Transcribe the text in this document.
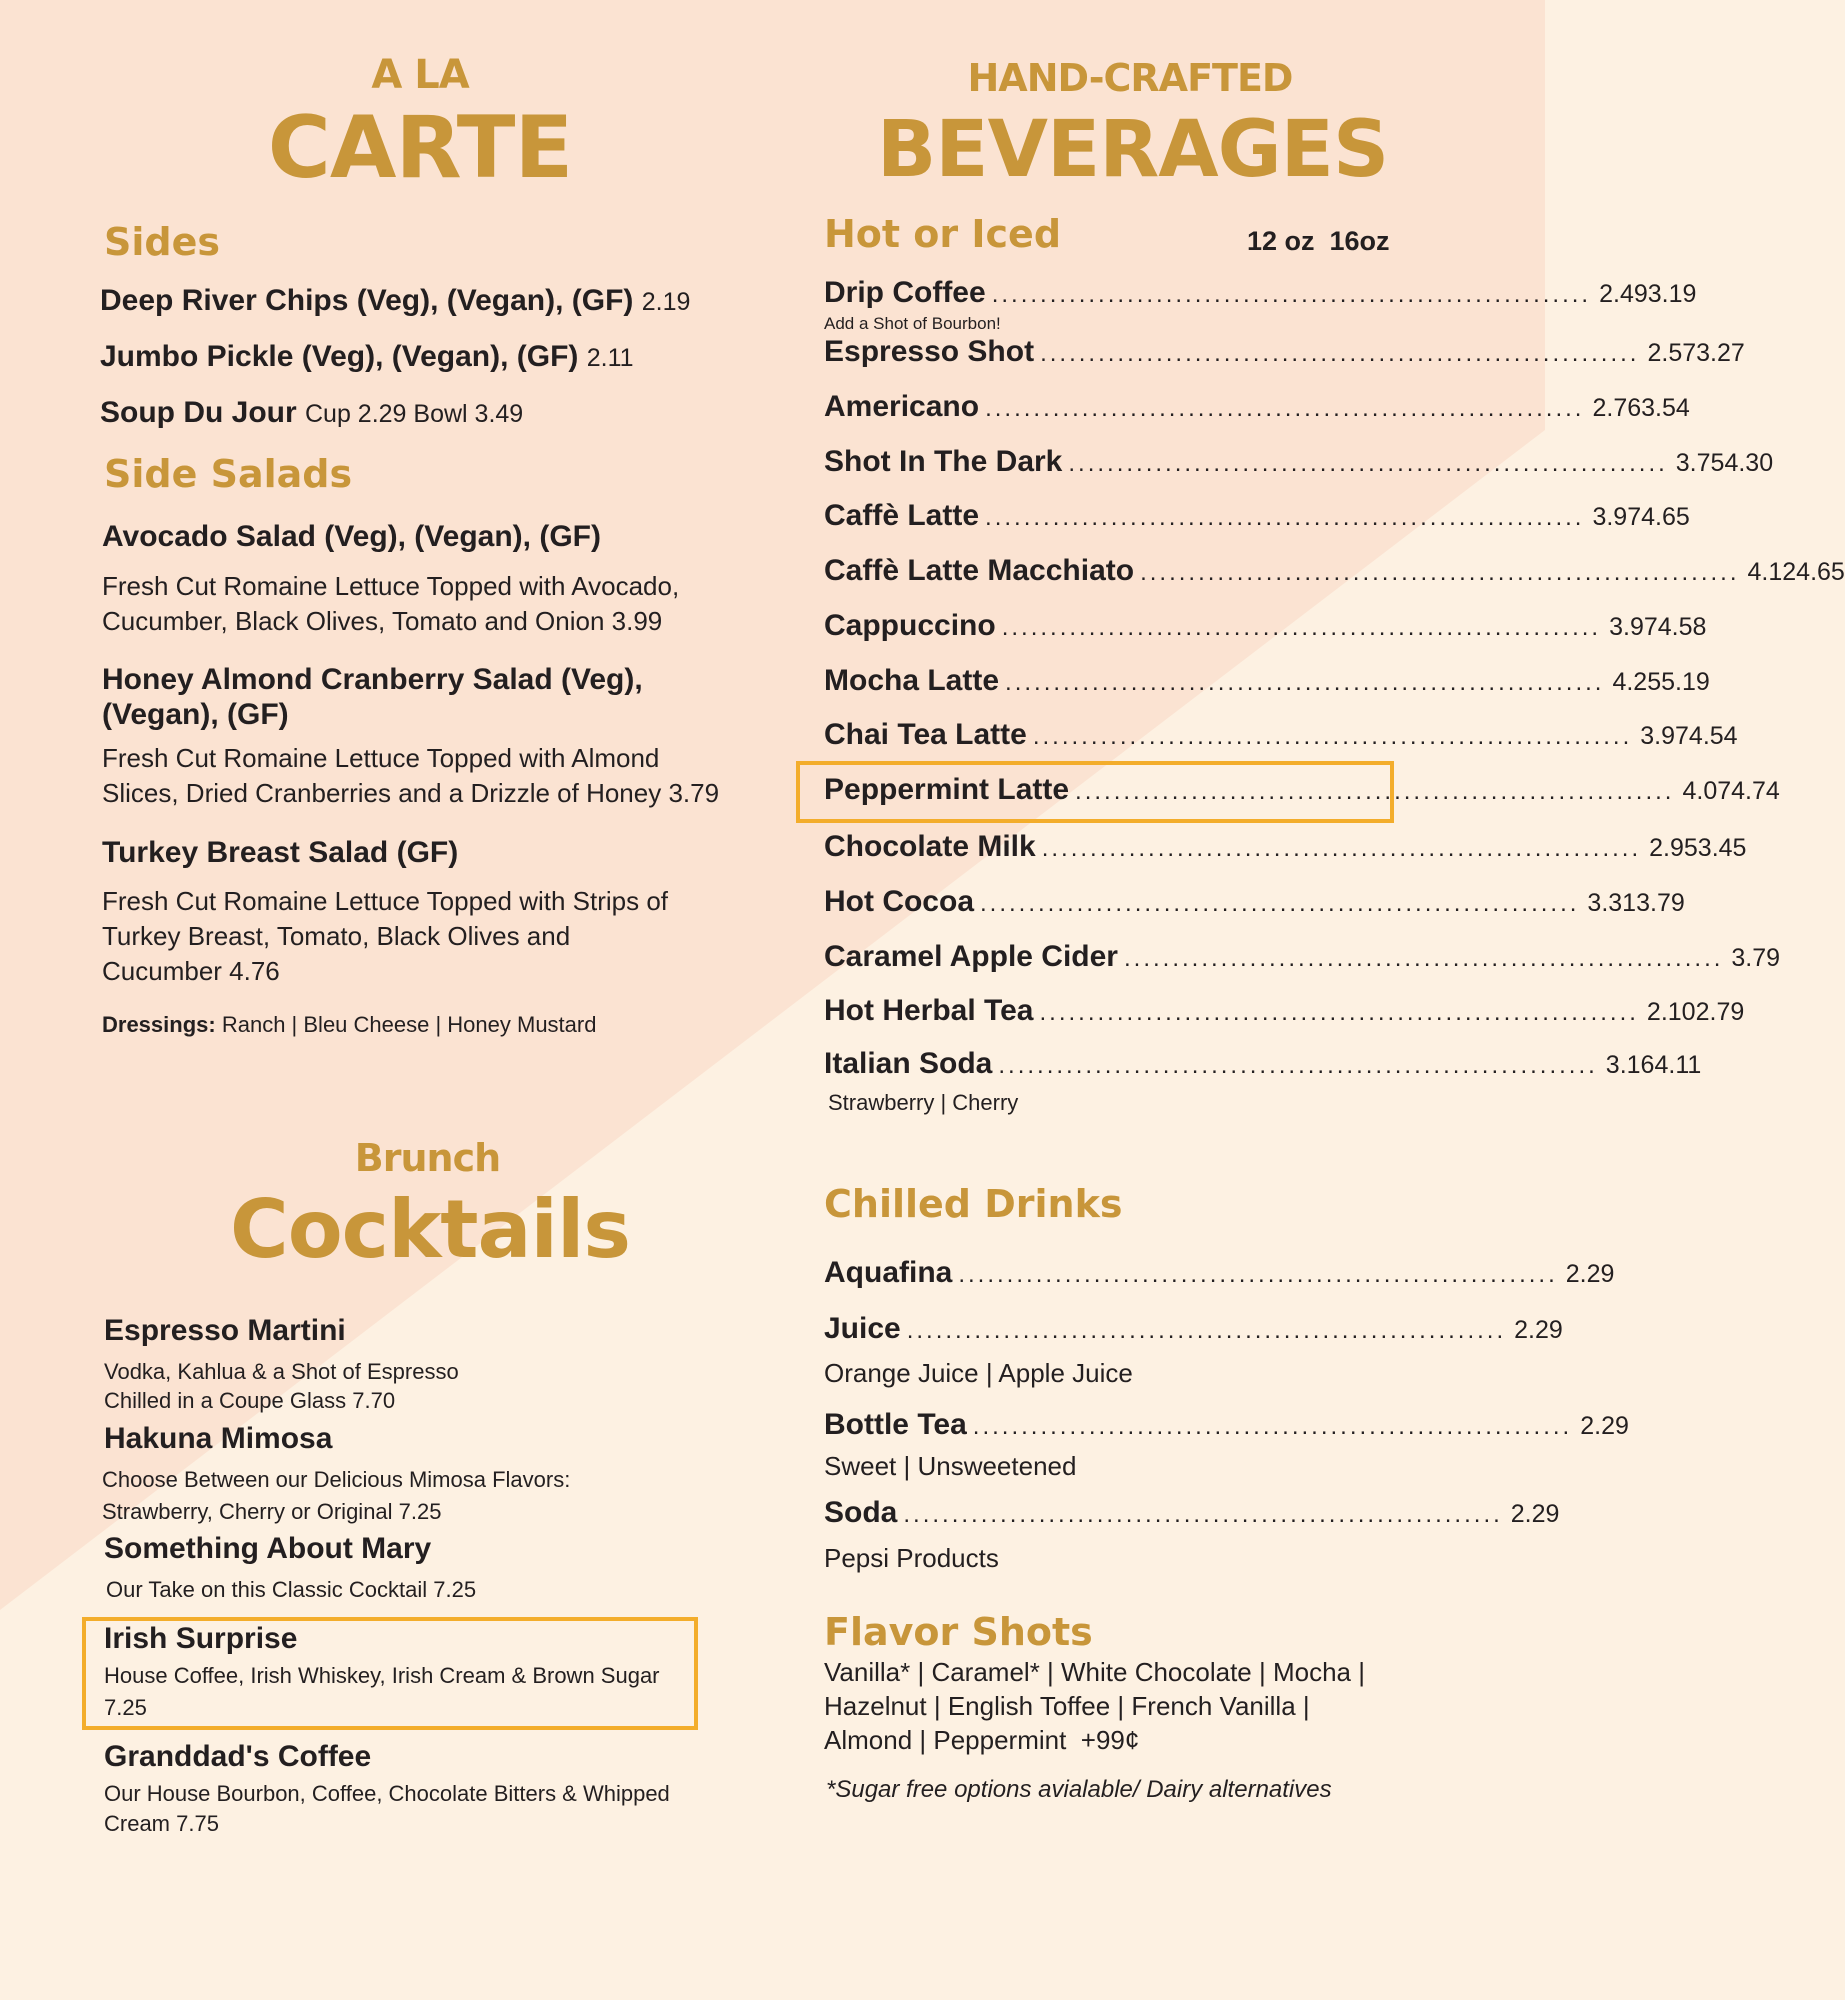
A LA
CARTE
Sides
Deep River Chips (Veg), (Vegan), (GF) 2.19
Jumbo Pickle (Veg), (Vegan), (GF) 2.11
Soup Du Jour Cup 2.29 Bowl 3.49
Side Salads
Avocado Salad (Veg), (Vegan), (GF)
Fresh Cut Romaine Lettuce Topped with Avocado,
Cucumber, Black Olives, Tomato and Onion 3.99
Honey Almond Cranberry Salad (Veg),
(Vegan), (GF)
Fresh Cut Romaine Lettuce Topped with Almond
Slices, Dried Cranberries and a Drizzle of Honey 3.79
Turkey Breast Salad (GF)
Fresh Cut Romaine Lettuce Topped with Strips of
Turkey Breast, Tomato, Black Olives and
Cucumber 4.76
Dressings: Ranch | Bleu Cheese | Honey Mustard
Brunch
Cocktails
Espresso Martini
Vodka, Kahlua & a Shot of Espresso
Chilled in a Coupe Glass 7.70
Hakuna Mimosa
Choose Between our Delicious Mimosa Flavors:
Strawberry, Cherry or Original 7.25
Something About Mary
Our Take on this Classic Cocktail 7.25
Irish Surprise
House Coffee, Irish Whiskey, Irish Cream & Brown Sugar
7.25
Granddad's Coffee
Our House Bourbon, Coffee, Chocolate Bitters & Whipped
Cream 7.75
HAND-CRAFTED
BEVERAGES
Hot or Iced	12 oz  16oz
Drip Coffee .............................................................. 2.49 3.19
Add a Shot of Bourbon!
Espresso Shot .............................................................. 2.57 3.27
Americano .............................................................. 2.76 3.54
Shot In The Dark .............................................................. 3.75 4.30
Caffè Latte .............................................................. 3.97 4.65
Caffè Latte Macchiato .............................................................. 4.12 4.65
Cappuccino .............................................................. 3.97 4.58
Mocha Latte .............................................................. 4.25 5.19
Chai Tea Latte .............................................................. 3.97 4.54
Peppermint Latte .............................................................. 4.07 4.74
Chocolate Milk .............................................................. 2.95 3.45
Hot Cocoa .............................................................. 3.31 3.79
Caramel Apple Cider .............................................................. 3.79
Hot Herbal Tea .............................................................. 2.10 2.79
Italian Soda .............................................................. 3.16 4.11
Strawberry | Cherry
Chilled Drinks
Aquafina .............................................................. 2.29
Juice .............................................................. 2.29
Orange Juice | Apple Juice
Bottle Tea .............................................................. 2.29
Sweet | Unsweetened
Soda .............................................................. 2.29
Pepsi Products
Flavor Shots
Vanilla* | Caramel* | White Chocolate | Mocha |
Hazelnut | English Toffee | French Vanilla |
Almond | Peppermint  +99¢
*Sugar free options avialable/ Dairy alternatives
